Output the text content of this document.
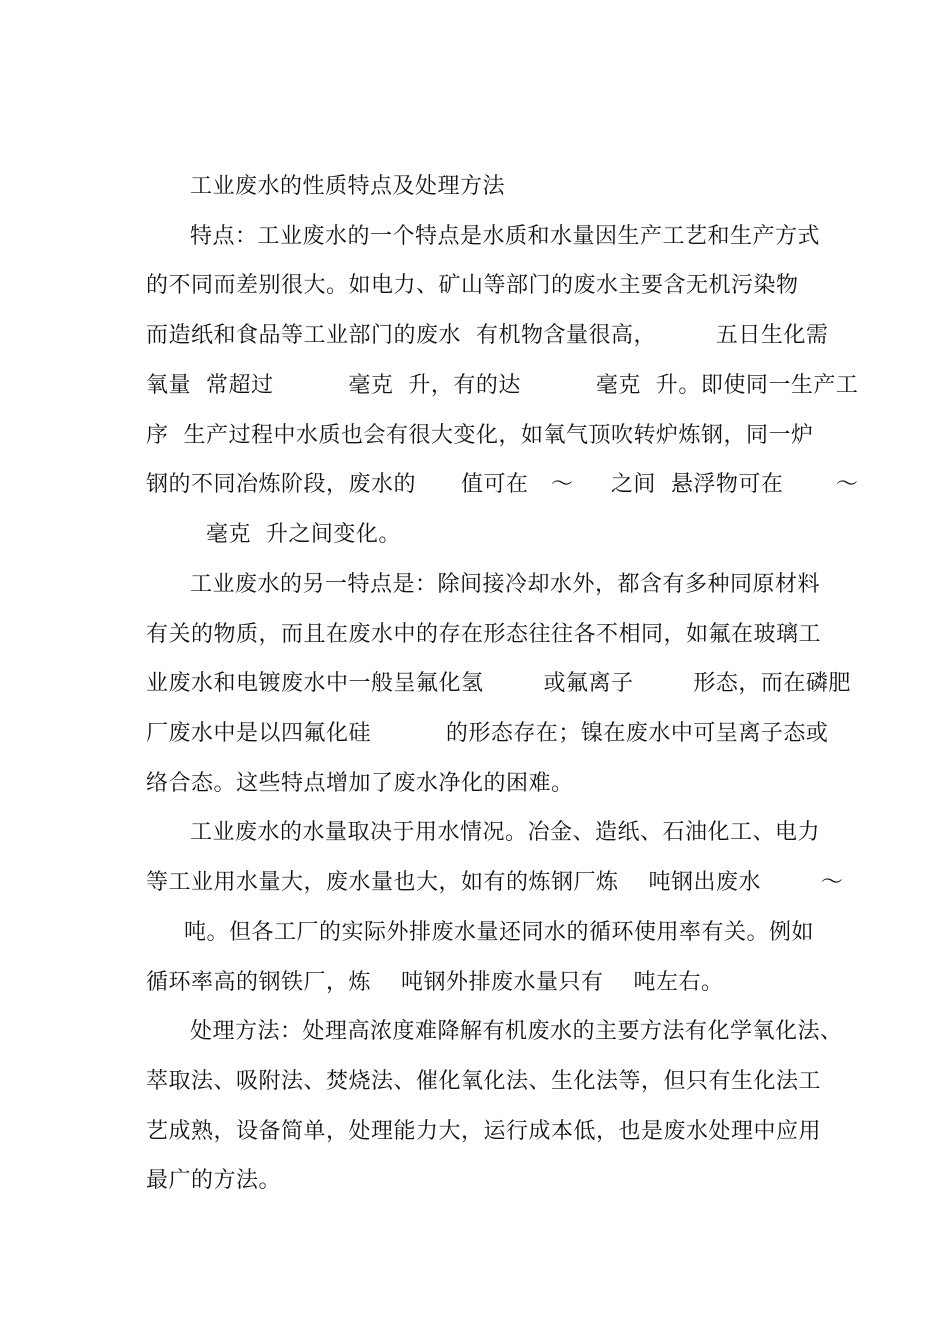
工业废水的性质特点及处理方法
特点：工业废水的一个特点是水质和水量因生产工艺和生产方式
的不同而差别很大。如电力、矿山等部门的废水主要含无机污染物
而造纸和食品等工业部门的废水  有机物含量很高，        五日生化需
氧量  常超过          毫克  升，有的达          毫克  升。即使同一生产工
序  生产过程中水质也会有很大变化，如氧气顶吹转炉炼钢，同一炉
钢的不同冶炼阶段，废水的      值可在   ～     之间  悬浮物可在       ～
毫克  升之间变化。
工业废水的另一特点是：除间接冷却水外，都含有多种同原材料
有关的物质，而且在废水中的存在形态往往各不相同，如氟在玻璃工
业废水和电镀废水中一般呈氟化氢        或氟离子        形态，而在磷肥
厂废水中是以四氟化硅          的形态存在；镍在废水中可呈离子态或
络合态。这些特点增加了废水净化的困难。
工业废水的水量取决于用水情况。冶金、造纸、石油化工、电力
等工业用水量大，废水量也大，如有的炼钢厂炼    吨钢出废水        ～
吨。但各工厂的实际外排废水量还同水的循环使用率有关。例如
循环率高的钢铁厂，炼    吨钢外排废水量只有    吨左右。
处理方法：处理高浓度难降解有机废水的主要方法有化学氧化法、
萃取法、吸附法、焚烧法、催化氧化法、生化法等，但只有生化法工
艺成熟，设备简单，处理能力大，运行成本低，也是废水处理中应用
最广的方法。
